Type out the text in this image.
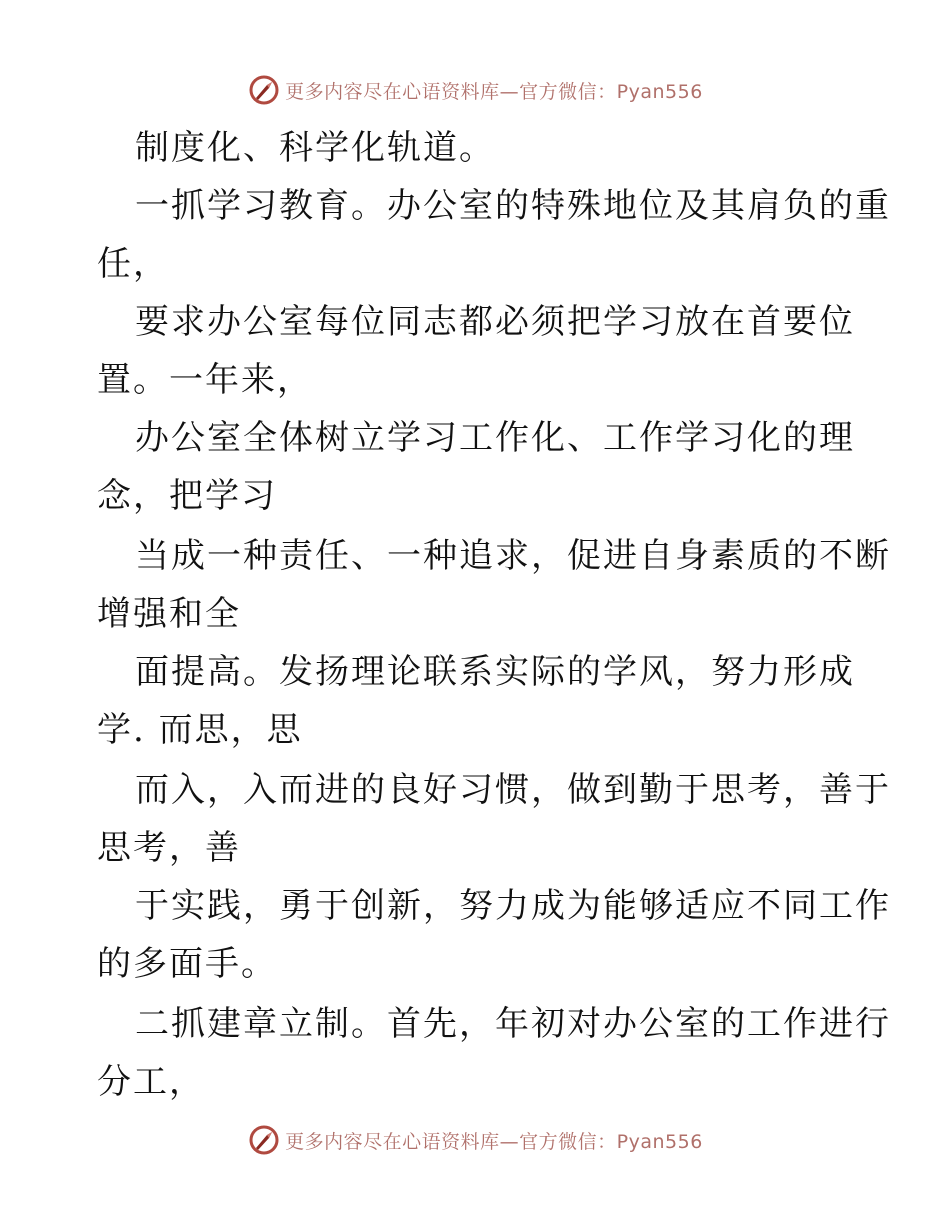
更多内容尽在心语资料库—官方微信：Pyan556
制度化、科学化轨道。
一抓学习教育。办公室的特殊地位及其肩负的重
任，
要求办公室每位同志都必须把学习放在首要位
置。一年来，
办公室全体树立学习工作化、工作学习化的理
念，把学习
当成一种责任、一种追求，促进自身素质的不断
增强和全
面提高。发扬理论联系实际的学风，努力形成
学. 而思，思
而入，入而进的良好习惯，做到勤于思考，善于
思考，善
于实践，勇于创新，努力成为能够适应不同工作
的多面手。
二抓建章立制。首先，年初对办公室的工作进行
分工，
更多内容尽在心语资料库—官方微信：Pyan556
